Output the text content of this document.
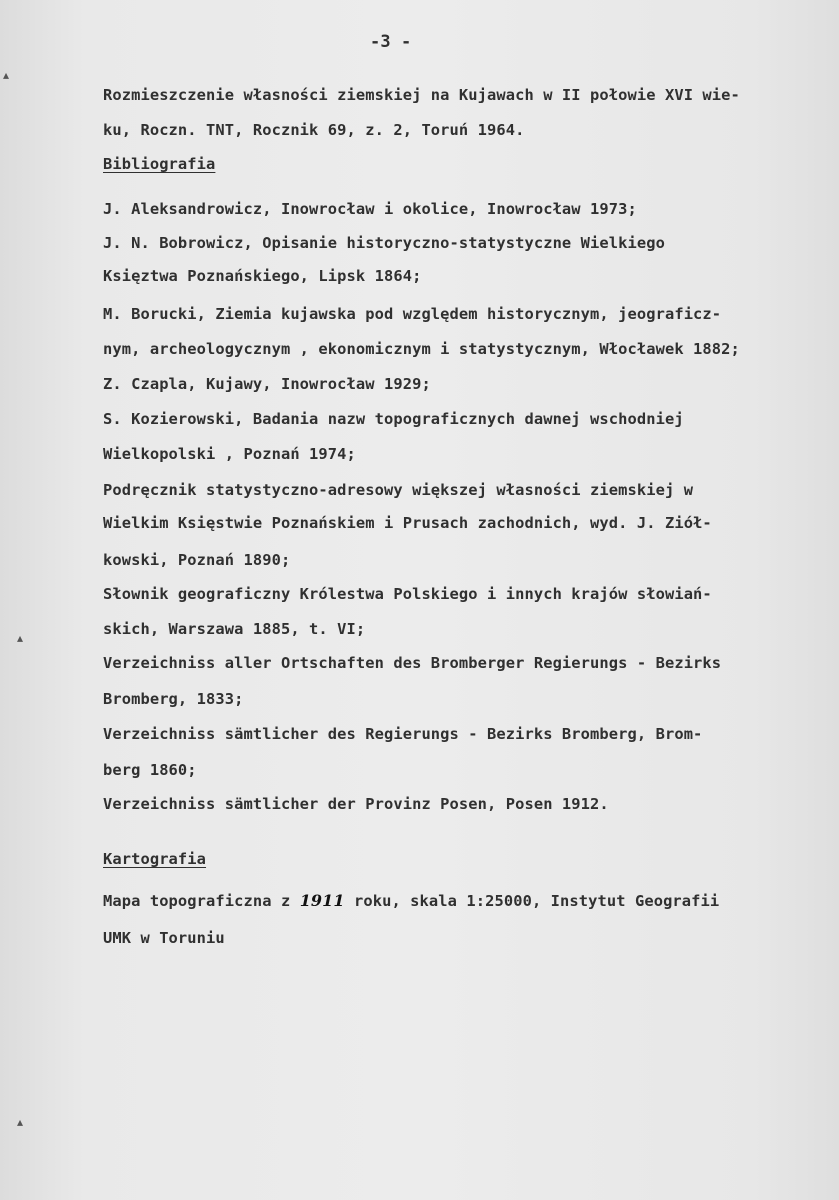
-3 -
Rozmieszczenie własności ziemskiej na Kujawach w II połowie XVI wie-
ku, Roczn. TNT, Rocznik 69, z. 2, Toruń 1964.
Bibliografia
J. Aleksandrowicz, Inowrocław i okolice, Inowrocław 1973;
J. N. Bobrowicz, Opisanie historyczno-statystyczne Wielkiego
Księztwa Poznańskiego, Lipsk 1864;
M. Borucki, Ziemia kujawska pod względem historycznym, jeograficz-
nym, archeologycznym , ekonomicznym i statystycznym, Włocławek 1882;
Z. Czapla, Kujawy, Inowrocław 1929;
S. Kozierowski, Badania nazw topograficznych dawnej wschodniej
Wielkopolski , Poznań 1974;
Podręcznik statystyczno-adresowy większej własności ziemskiej w
Wielkim Księstwie Poznańskiem i Prusach zachodnich, wyd. J. Ziół-
kowski, Poznań 1890;
Słownik geograficzny Królestwa Polskiego i innych krajów słowiań-
skich, Warszawa 1885, t. VI;
Verzeichniss aller Ortschaften des Bromberger Regierungs - Bezirks
Bromberg, 1833;
Verzeichniss sämtlicher des Regierungs - Bezirks Bromberg, Brom-
berg 1860;
Verzeichniss sämtlicher der Provinz Posen, Posen 1912.
Kartografia
Mapa topograficzna z 1911 roku, skala 1:25000, Instytut Geografii
UMK w Toruniu
▴
▴
▴
